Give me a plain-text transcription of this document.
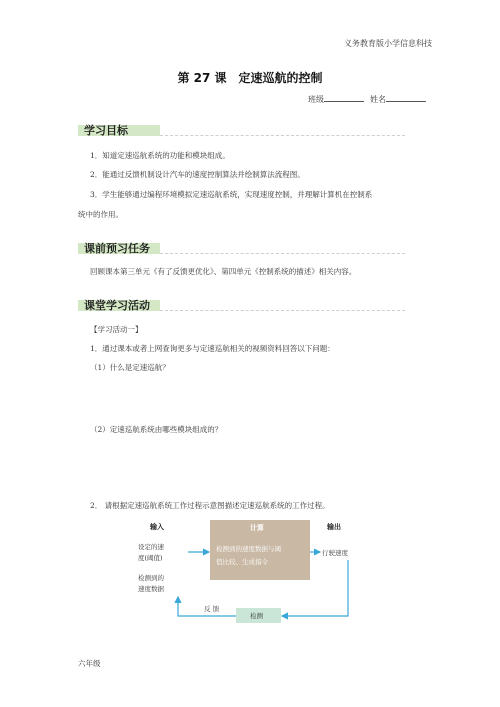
义务教育版小学信息科技
第 27 课 定速巡航的控制
班级	姓名
学习目标
1．知道定速巡航系统的功能和模块组成。
2．能通过反馈机制设计汽车的速度控制算法并绘制算法流程图。
3．学生能够通过编程环境模拟定速巡航系统，实现速度控制，并理解计算机在控制系
统中的作用。
课前预习任务
回顾课本第三单元《有了反馈更优化》、第四单元《控制系统的描述》相关内容。
课堂学习活动
【学习活动一】
1．通过课本或者上网查询更多与定速巡航相关的视频资料回答以下问题：
（1）什么是定速巡航？
（2）定速巡航系统由哪些模块组成的？
2． 请根据定速巡航系统工作过程示意图描述定速巡航系统的工作过程。
输入	输出
计算
检测到的速度数据与阈
值比较、生成指令
设定的速
度(阈值)
检测到的
速度数据
行驶速度
检测
反 馈
六年级
